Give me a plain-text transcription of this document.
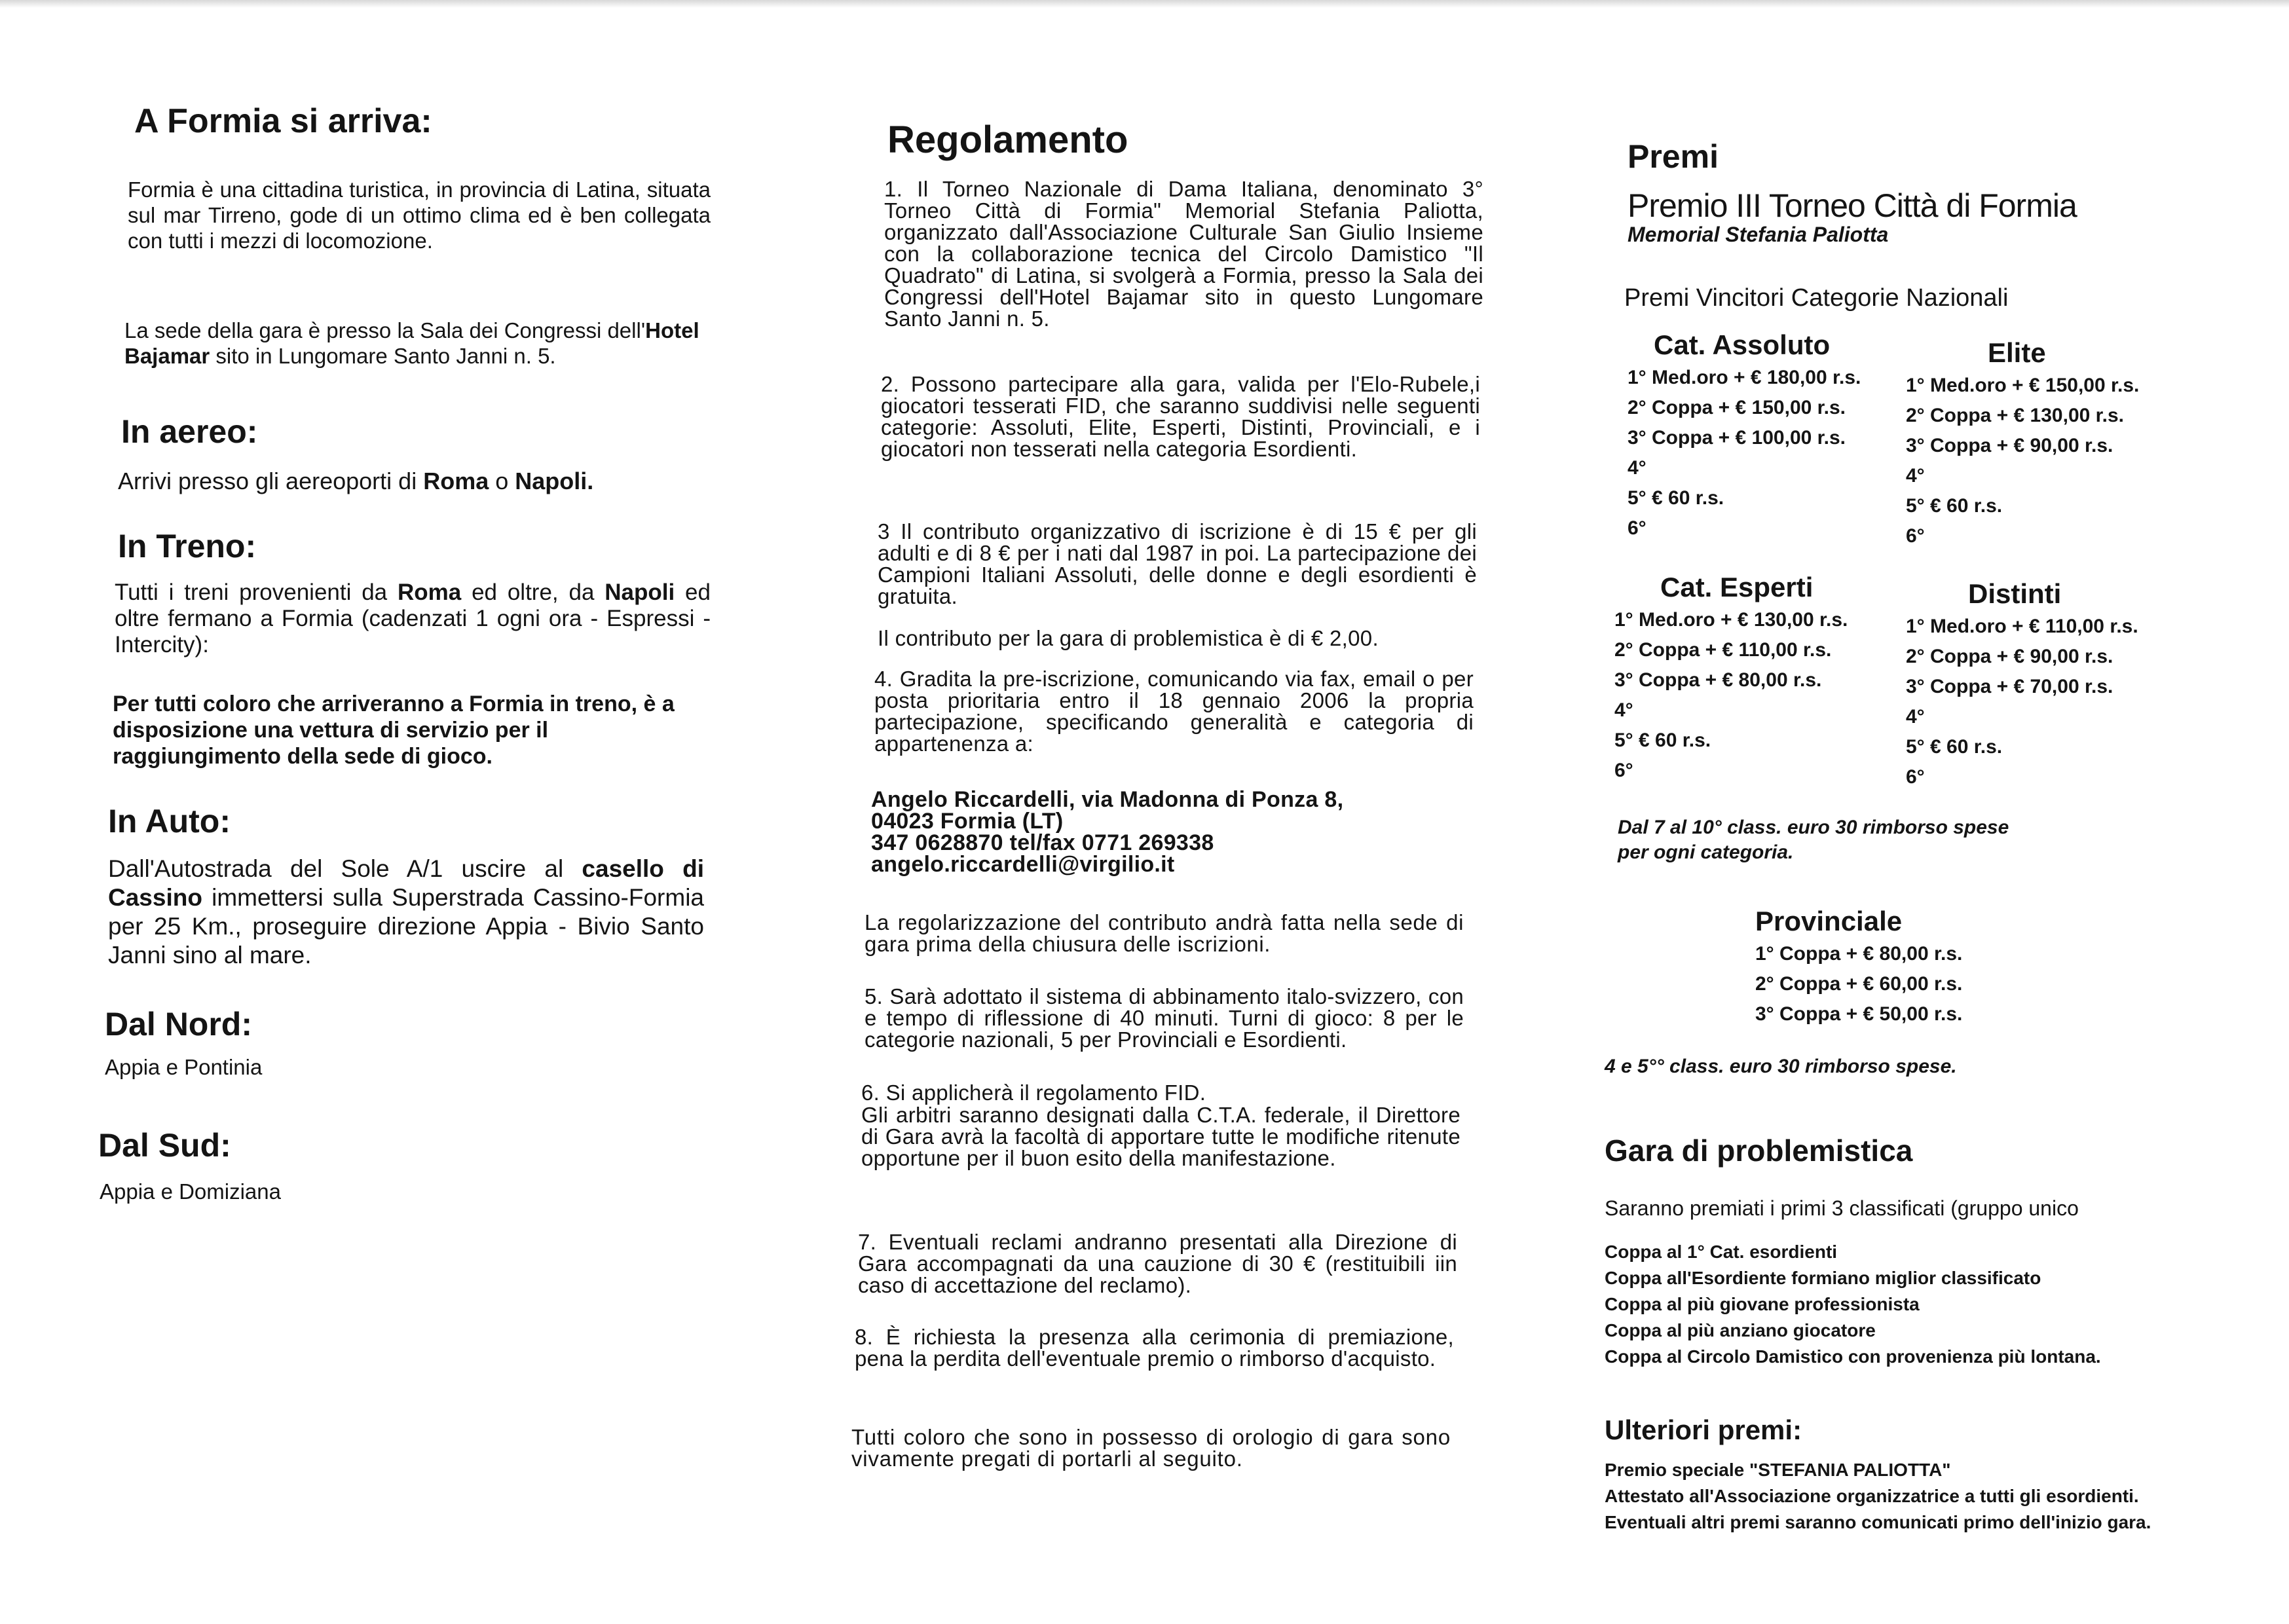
A Formia si arriva:

Formia è una cittadina turistica, in provincia di Latina, situata sul mar Tirreno, gode di un ottimo clima ed è ben collegata con tutti i mezzi di locomozione.

La sede della gara è presso la Sala dei Congressi dell'Hotel Bajamar sito in Lungomare Santo Janni n. 5.

In aereo:

Arrivi presso gli aereoporti di Roma o Napoli.

In Treno:

Tutti i treni provenienti da Roma ed oltre, da Napoli ed oltre fermano a Formia (cadenzati 1 ogni ora - Espressi - Intercity):

Per tutti coloro che arriveranno a Formia in treno, è a disposizione una vettura di servizio per il raggiungimento della sede di gioco.

In Auto:

Dall'Autostrada del Sole A/1 uscire al casello di Cassino immettersi sulla Superstrada Cassino-Formia per 25 Km., proseguire direzione Appia - Bivio Santo Janni sino al mare.

Dal Nord:

Appia e Pontinia

Dal Sud:

Appia e Domiziana

Regolamento

1. Il Torneo Nazionale di Dama Italiana, denominato 3° Torneo Città di Formia" Memorial Stefania Paliotta, organizzato dall'Associazione Culturale San Giulio Insieme con la collaborazione tecnica del Circolo Damistico "Il Quadrato" di Latina, si svolgerà a Formia, presso la Sala dei Congressi dell'Hotel Bajamar sito in questo Lungomare Santo Janni n. 5.

2. Possono partecipare alla gara, valida per l'Elo-Rubele,i giocatori tesserati FID, che saranno suddivisi nelle seguenti categorie: Assoluti, Elite, Esperti, Distinti, Provinciali, e i giocatori non tesserati nella categoria Esordienti.

3 Il contributo organizzativo di iscrizione è di 15 € per gli adulti e di 8 € per i nati dal 1987 in poi. La partecipazione dei Campioni Italiani Assoluti, delle donne e degli esordienti è gratuita.

Il contributo per la gara di problemistica è di € 2,00.

4. Gradita la pre-iscrizione, comunicando via fax, email o per posta prioritaria entro il 18 gennaio 2006 la propria partecipazione, specificando generalità e categoria di appartenenza a:

Angelo Riccardelli, via Madonna di Ponza 8,
04023 Formia (LT)
347 0628870 tel/fax 0771 269338
angelo.riccardelli@virgilio.it

La regolarizzazione del contributo andrà fatta nella sede di gara prima della chiusura delle iscrizioni.

5. Sarà adottato il sistema di abbinamento italo-svizzero, con e tempo di riflessione di 40 minuti. Turni di gioco: 8 per le categorie nazionali, 5 per Provinciali e Esordienti.

6. Si applicherà il regolamento FID.

Gli arbitri saranno designati dalla C.T.A. federale, il Direttore di Gara avrà la facoltà di apportare tutte le modifiche ritenute opportune per il buon esito della manifestazione.

7. Eventuali reclami andranno presentati alla Direzione di Gara accompagnati da una cauzione di 30 € (restituibili iin caso di accettazione del reclamo).

8. È richiesta la presenza alla cerimonia di premiazione, pena la perdita dell'eventuale premio o rimborso d'acquisto.

Tutti coloro che sono in possesso di orologio di gara sono vivamente pregati di portarli al seguito.

Premi
Premio III Torneo Città di Formia
Memorial Stefania Paliotta
Premi Vincitori Categorie Nazionali
Cat. Assoluto
1° Med.oro + € 180,00 r.s.
2° Coppa + € 150,00 r.s.
3° Coppa + € 100,00 r.s.
4°
5° € 60 r.s.
6°
Elite
1° Med.oro + € 150,00 r.s.
2° Coppa + € 130,00 r.s.
3° Coppa + € 90,00 r.s.
4°
5° € 60 r.s.
6°
Cat. Esperti
1° Med.oro + € 130,00 r.s.
2° Coppa + € 110,00 r.s.
3° Coppa + € 80,00 r.s.
4°
5° € 60 r.s.
6°
Distinti
1° Med.oro + € 110,00 r.s.
2° Coppa + € 90,00 r.s.
3° Coppa + € 70,00 r.s.
4°
5° € 60 r.s.
6°
Dal 7 al 10° class. euro 30 rimborso spese
per ogni categoria.
Provinciale
1° Coppa + € 80,00 r.s.
2° Coppa + € 60,00 r.s.
3° Coppa + € 50,00 r.s.
4 e 5°° class. euro 30 rimborso spese.
Gara di problemistica
Saranno premiati i primi 3 classificati (gruppo unico
Coppa al 1° Cat. esordienti
Coppa all'Esordiente formiano miglior classificato
Coppa al più giovane professionista
Coppa al più anziano giocatore
Coppa al Circolo Damistico con provenienza più lontana.
Ulteriori premi:
Premio speciale "STEFANIA PALIOTTA"
Attestato all'Associazione organizzatrice a tutti gli esordienti.
Eventuali altri premi saranno comunicati primo dell'inizio gara.
